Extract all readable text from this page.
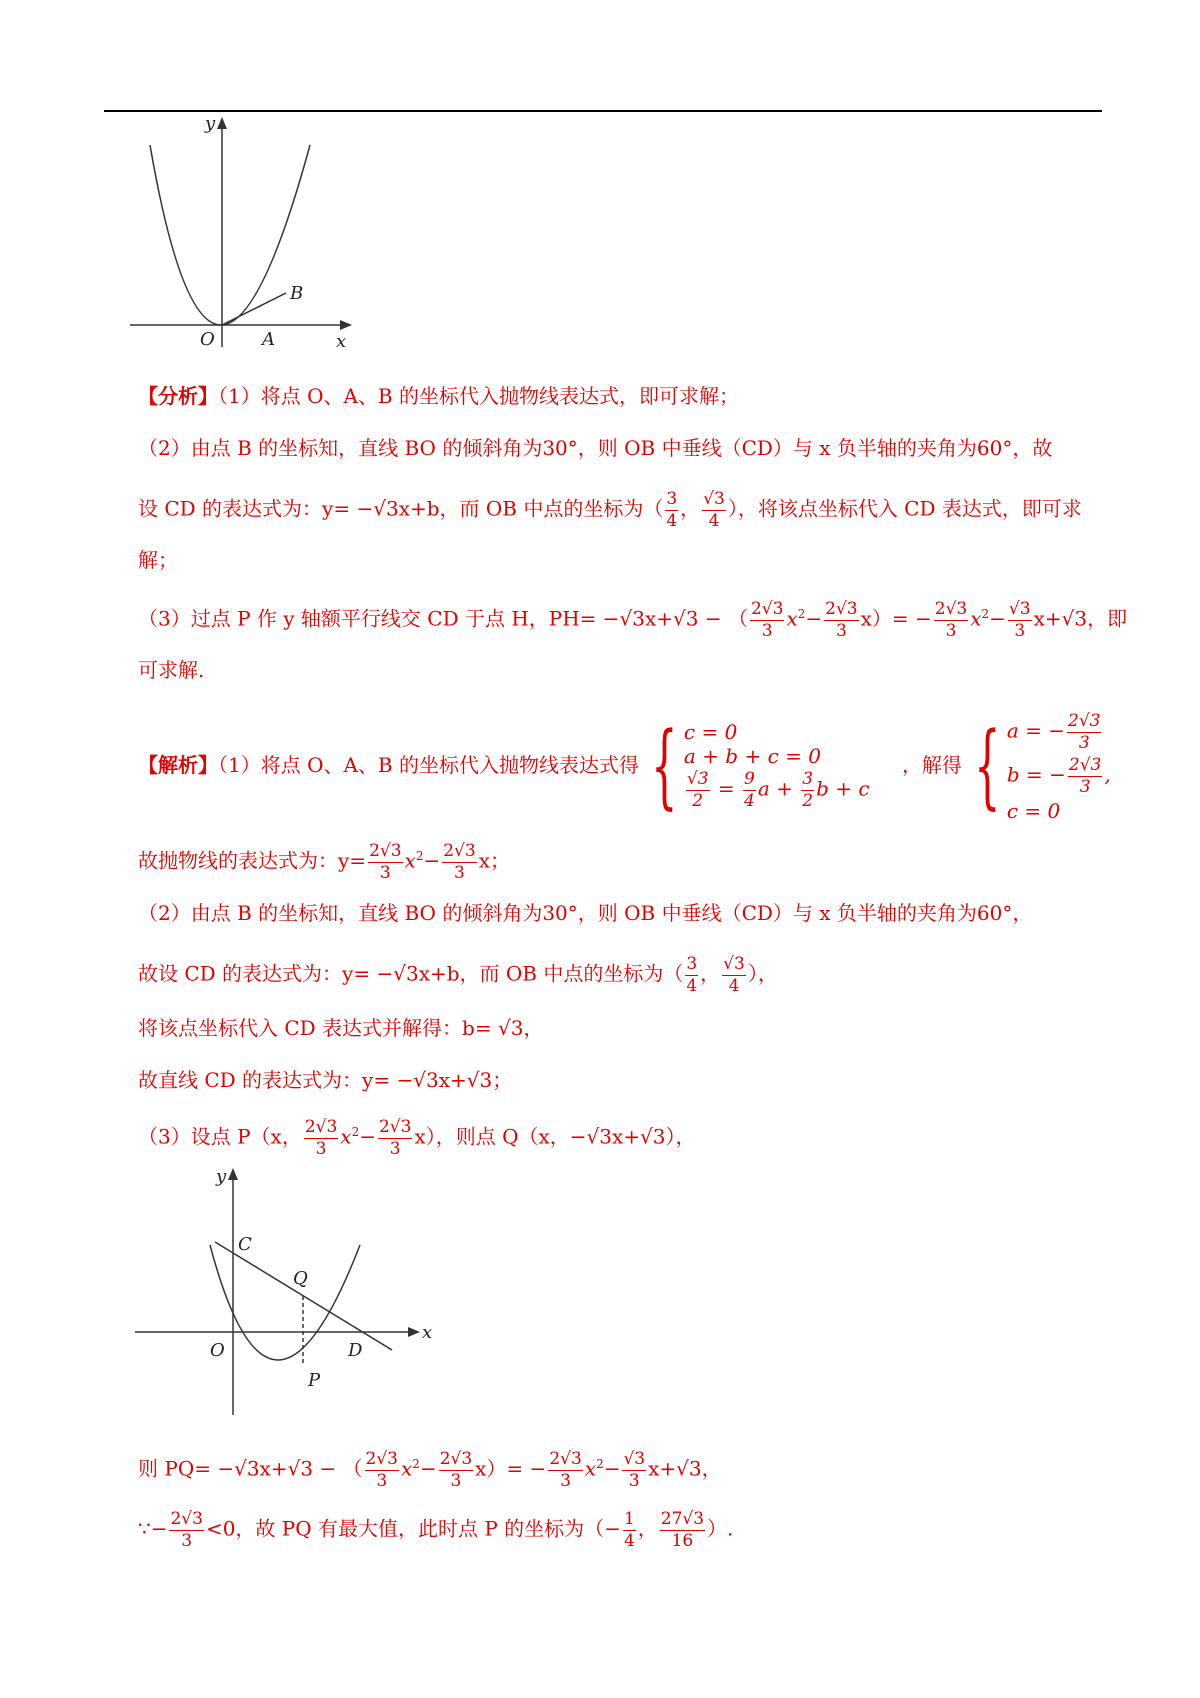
y
x
O	A
B
【分析】（1）将点 O、A、B 的坐标代入抛物线表达式，即可求解；
（2）由点 B 的坐标知，直线 BO 的倾斜角为30°，则 OB 中垂线（CD）与 x 负半轴的夹角为60°，故
设 CD 的表达式为：y= −√3x+b，而 OB 中点的坐标为（ $\frac{3}{4}$ ， $\frac{√3}{4}$ ），将该点坐标代入 CD 表达式，即可求
解；
（3）过点 P 作 y 轴额平行线交 CD 于点 H，PH= −√3x+√3 − （ $\frac{2√3}{3} x^2- \frac{2√3}{3} x)= - \frac{2√3}{3} x^2- \frac{√3}{3} x+√3$，即
可求解.
【解析】（1）将点 O、A、B 的坐标代入抛物线表达式得 { c = 0
a + b + c = 0
$\frac{√3}{2} = \frac{9}{4}$ $a + \frac{3}{2}$ b + c
，解得 { a = − $\frac{2√3}{3}$
b = − $\frac{2√3}{3}$ ,
c = 0
故抛物线的表达式为：$y= \frac{2√3}{3} x^2- \frac{2√3}{3}$ x；
（2）由点 B 的坐标知，直线 BO 的倾斜角为30°，则 OB 中垂线（CD）与 x 负半轴的夹角为60°，
故设 CD 的表达式为：y= −√3x+b，而 OB 中点的坐标为（ $\frac{3}{4}$ ， $\frac{√3}{4}$ ），
将该点坐标代入 CD 表达式并解得：b= √3，
故直线 CD 的表达式为：y= −√3x+√3；
（3）设点 P（x， $\frac{2√3}{3} x^2- \frac{2√3}{3} x$），则点 Q（x，−√3x+√3），
y
x
O
C
Q
D
P
则 PQ= −√3x+√3 − （ $\frac{2√3}{3} x^2- \frac{2√3}{3} x)= - \frac{2√3}{3} x^2- \frac{√3}{3} x+√3$，
∵− $\frac{2√3}{3} <0$，故 PQ 有最大值，此时点 P 的坐标为（− $\frac{1}{4}$ ， $\frac{27√3}{16}$ ）.
